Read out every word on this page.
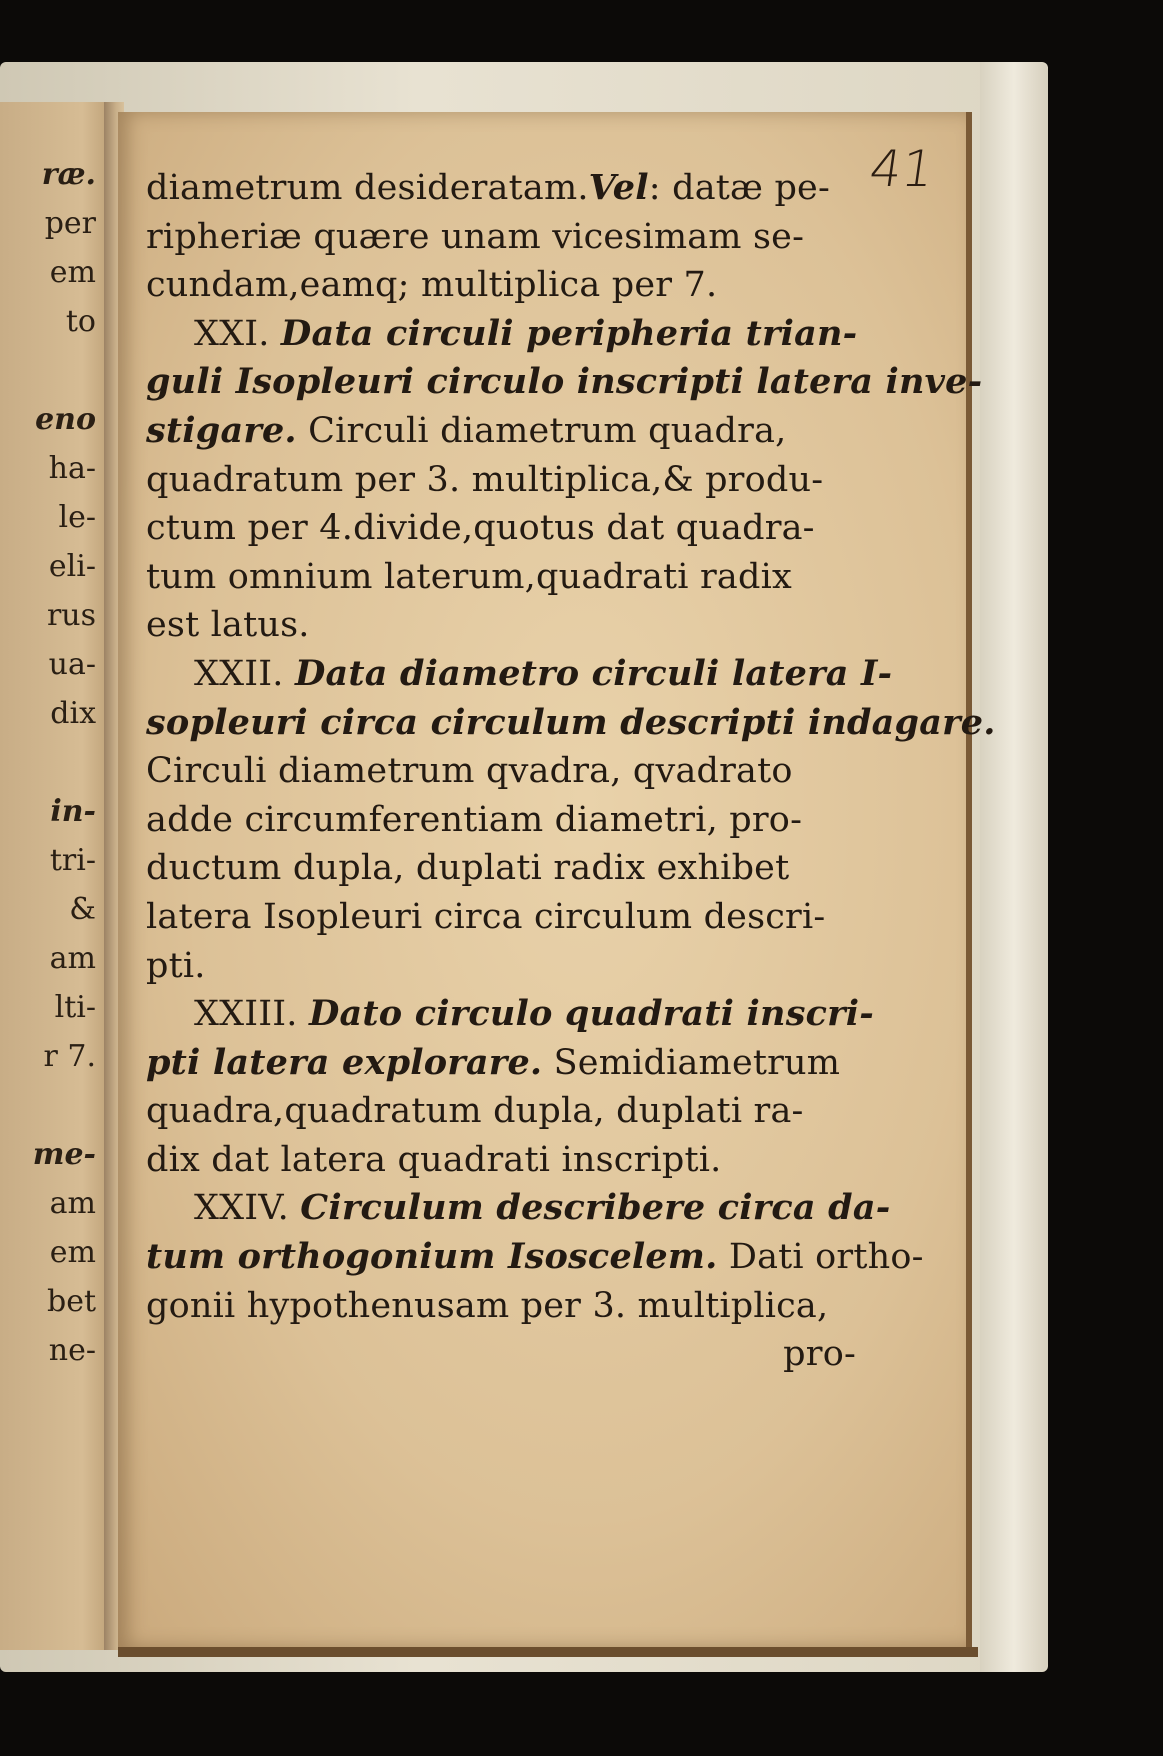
ræ.
per
em
to
eno
ha-
le-
eli-
rus
ua-
dix
in-
tri-
&
am
lti-
r 7.
me-
am
em
bet
ne-
41
diametrum desideratam.Vel: datæ pe-
ripheriæ quære unam vicesimam se-
cundam,eamq; multiplica per 7.
XXI. Data circuli peripheria trian-
guli Isopleuri circulo inscripti latera inve-
stigare. Circuli diametrum quadra,
quadratum per 3. multiplica,& produ-
ctum per 4.divide,quotus dat quadra-
tum omnium laterum,quadrati radix
est latus.
XXII. Data diametro circuli latera I-
sopleuri circa circulum descripti indagare.
Circuli diametrum qvadra, qvadrato
adde circumferentiam diametri, pro-
ductum dupla, duplati radix exhibet
latera Isopleuri circa circulum descri-
pti.
XXIII. Dato circulo quadrati inscri-
pti latera explorare. Semidiametrum
quadra,quadratum dupla, duplati ra-
dix dat latera quadrati inscripti.
XXIV. Circulum describere circa da-
tum orthogonium Isoscelem. Dati ortho-
gonii hypothenusam per 3. multiplica,
pro-
